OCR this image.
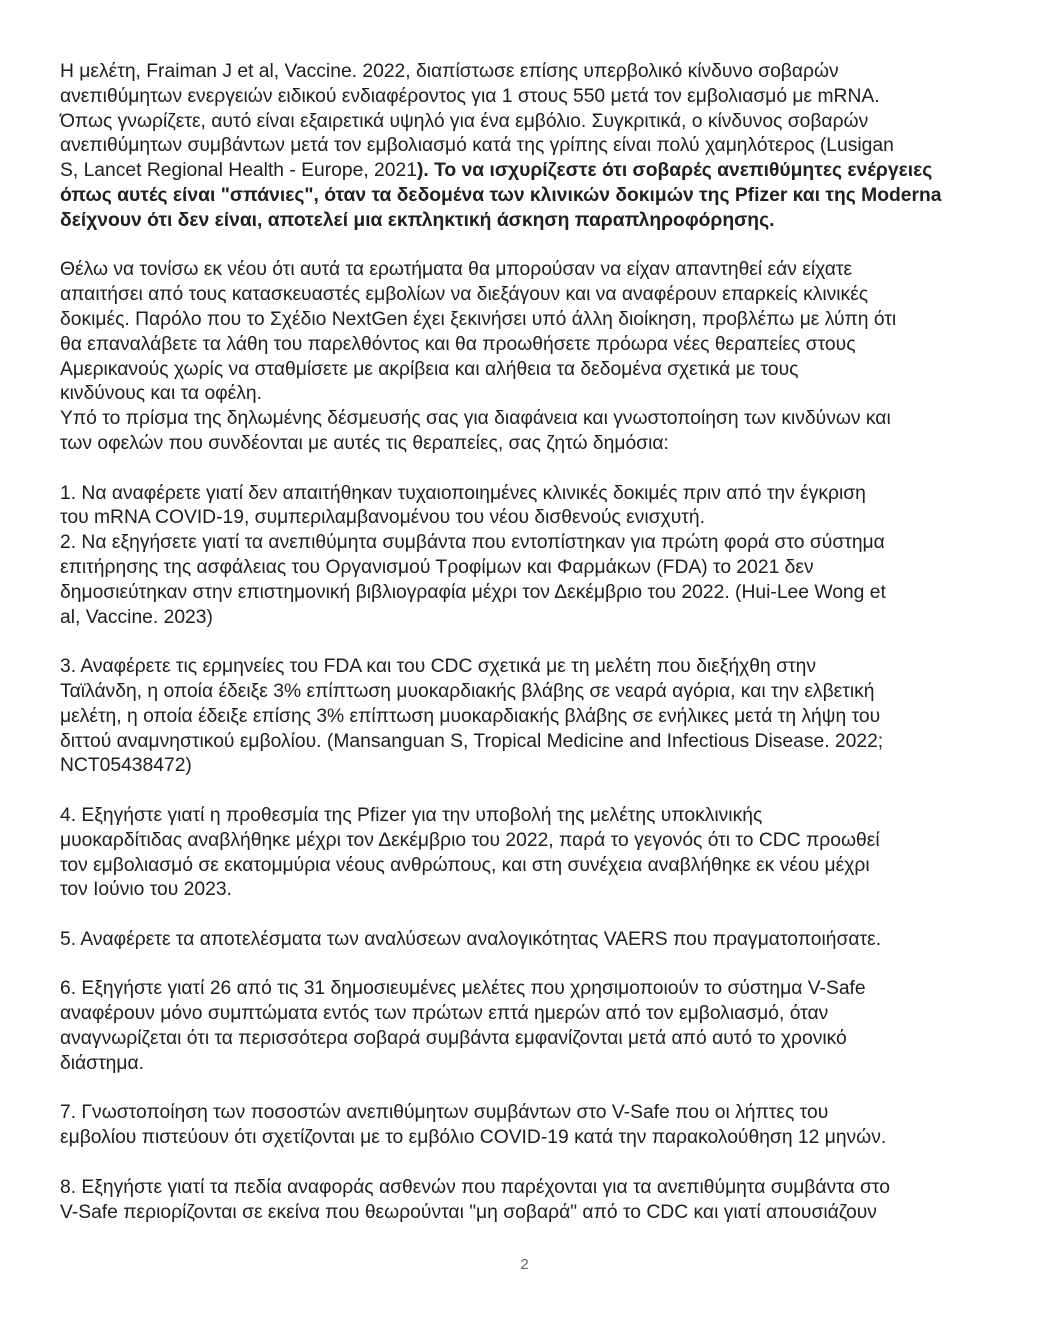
Η μελέτη, Fraiman J et al, Vaccine. 2022, διαπίστωσε επίσης υπερβολικό κίνδυνο σοβαρών
ανεπιθύμητων ενεργειών ειδικού ενδιαφέροντος για 1 στους 550 μετά τον εμβολιασμό με mRNA.
Όπως γνωρίζετε, αυτό είναι εξαιρετικά υψηλό για ένα εμβόλιο. Συγκριτικά, ο κίνδυνος σοβαρών
ανεπιθύμητων συμβάντων μετά τον εμβολιασμό κατά της γρίπης είναι πολύ χαμηλότερος (Lusigan
S, Lancet Regional Health - Europe, 2021). Το να ισχυρίζεστε ότι σοβαρές ανεπιθύμητες ενέργειες
όπως αυτές είναι "σπάνιες", όταν τα δεδομένα των κλινικών δοκιμών της Pfizer και της Moderna
δείχνουν ότι δεν είναι, αποτελεί μια εκπληκτική άσκηση παραπληροφόρησης.
Θέλω να τονίσω εκ νέου ότι αυτά τα ερωτήματα θα μπορούσαν να είχαν απαντηθεί εάν είχατε
απαιτήσει από τους κατασκευαστές εμβολίων να διεξάγουν και να αναφέρουν επαρκείς κλινικές
δοκιμές. Παρόλο που το Σχέδιο NextGen έχει ξεκινήσει υπό άλλη διοίκηση, προβλέπω με λύπη ότι
θα επαναλάβετε τα λάθη του παρελθόντος και θα προωθήσετε πρόωρα νέες θεραπείες στους
Αμερικανούς χωρίς να σταθμίσετε με ακρίβεια και αλήθεια τα δεδομένα σχετικά με τους
κινδύνους και τα οφέλη.
Υπό το πρίσμα της δηλωμένης δέσμευσής σας για διαφάνεια και γνωστοποίηση των κινδύνων και
των οφελών που συνδέονται με αυτές τις θεραπείες, σας ζητώ δημόσια:
1. Να αναφέρετε γιατί δεν απαιτήθηκαν τυχαιοποιημένες κλινικές δοκιμές πριν από την έγκριση
του mRNA COVID-19, συμπεριλαμβανομένου του νέου δισθενούς ενισχυτή.
2. Να εξηγήσετε γιατί τα ανεπιθύμητα συμβάντα που εντοπίστηκαν για πρώτη φορά στο σύστημα
επιτήρησης της ασφάλειας του Οργανισμού Τροφίμων και Φαρμάκων (FDA) το 2021 δεν
δημοσιεύτηκαν στην επιστημονική βιβλιογραφία μέχρι τον Δεκέμβριο του 2022. (Hui-Lee Wong et
al, Vaccine. 2023)
3. Αναφέρετε τις ερμηνείες του FDA και του CDC σχετικά με τη μελέτη που διεξήχθη στην
Ταϊλάνδη, η οποία έδειξε 3% επίπτωση μυοκαρδιακής βλάβης σε νεαρά αγόρια, και την ελβετική
μελέτη, η οποία έδειξε επίσης 3% επίπτωση μυοκαρδιακής βλάβης σε ενήλικες μετά τη λήψη του
διττού αναμνηστικού εμβολίου. (Mansanguan S, Tropical Medicine and Infectious Disease. 2022;
NCT05438472)
4. Εξηγήστε γιατί η προθεσμία της Pfizer για την υποβολή της μελέτης υποκλινικής
μυοκαρδίτιδας αναβλήθηκε μέχρι τον Δεκέμβριο του 2022, παρά το γεγονός ότι το CDC προωθεί
τον εμβολιασμό σε εκατομμύρια νέους ανθρώπους, και στη συνέχεια αναβλήθηκε εκ νέου μέχρι
τον Ιούνιο του 2023.
5. Αναφέρετε τα αποτελέσματα των αναλύσεων αναλογικότητας VAERS που πραγματοποιήσατε.
6. Εξηγήστε γιατί 26 από τις 31 δημοσιευμένες μελέτες που χρησιμοποιούν το σύστημα V-Safe
αναφέρουν μόνο συμπτώματα εντός των πρώτων επτά ημερών από τον εμβολιασμό, όταν
αναγνωρίζεται ότι τα περισσότερα σοβαρά συμβάντα εμφανίζονται μετά από αυτό το χρονικό
διάστημα.
7. Γνωστοποίηση των ποσοστών ανεπιθύμητων συμβάντων στο V-Safe που οι λήπτες του
εμβολίου πιστεύουν ότι σχετίζονται με το εμβόλιο COVID-19 κατά την παρακολούθηση 12 μηνών.
8. Εξηγήστε γιατί τα πεδία αναφοράς ασθενών που παρέχονται για τα ανεπιθύμητα συμβάντα στο
V-Safe περιορίζονται σε εκείνα που θεωρούνται "μη σοβαρά" από το CDC και γιατί απουσιάζουν
2
